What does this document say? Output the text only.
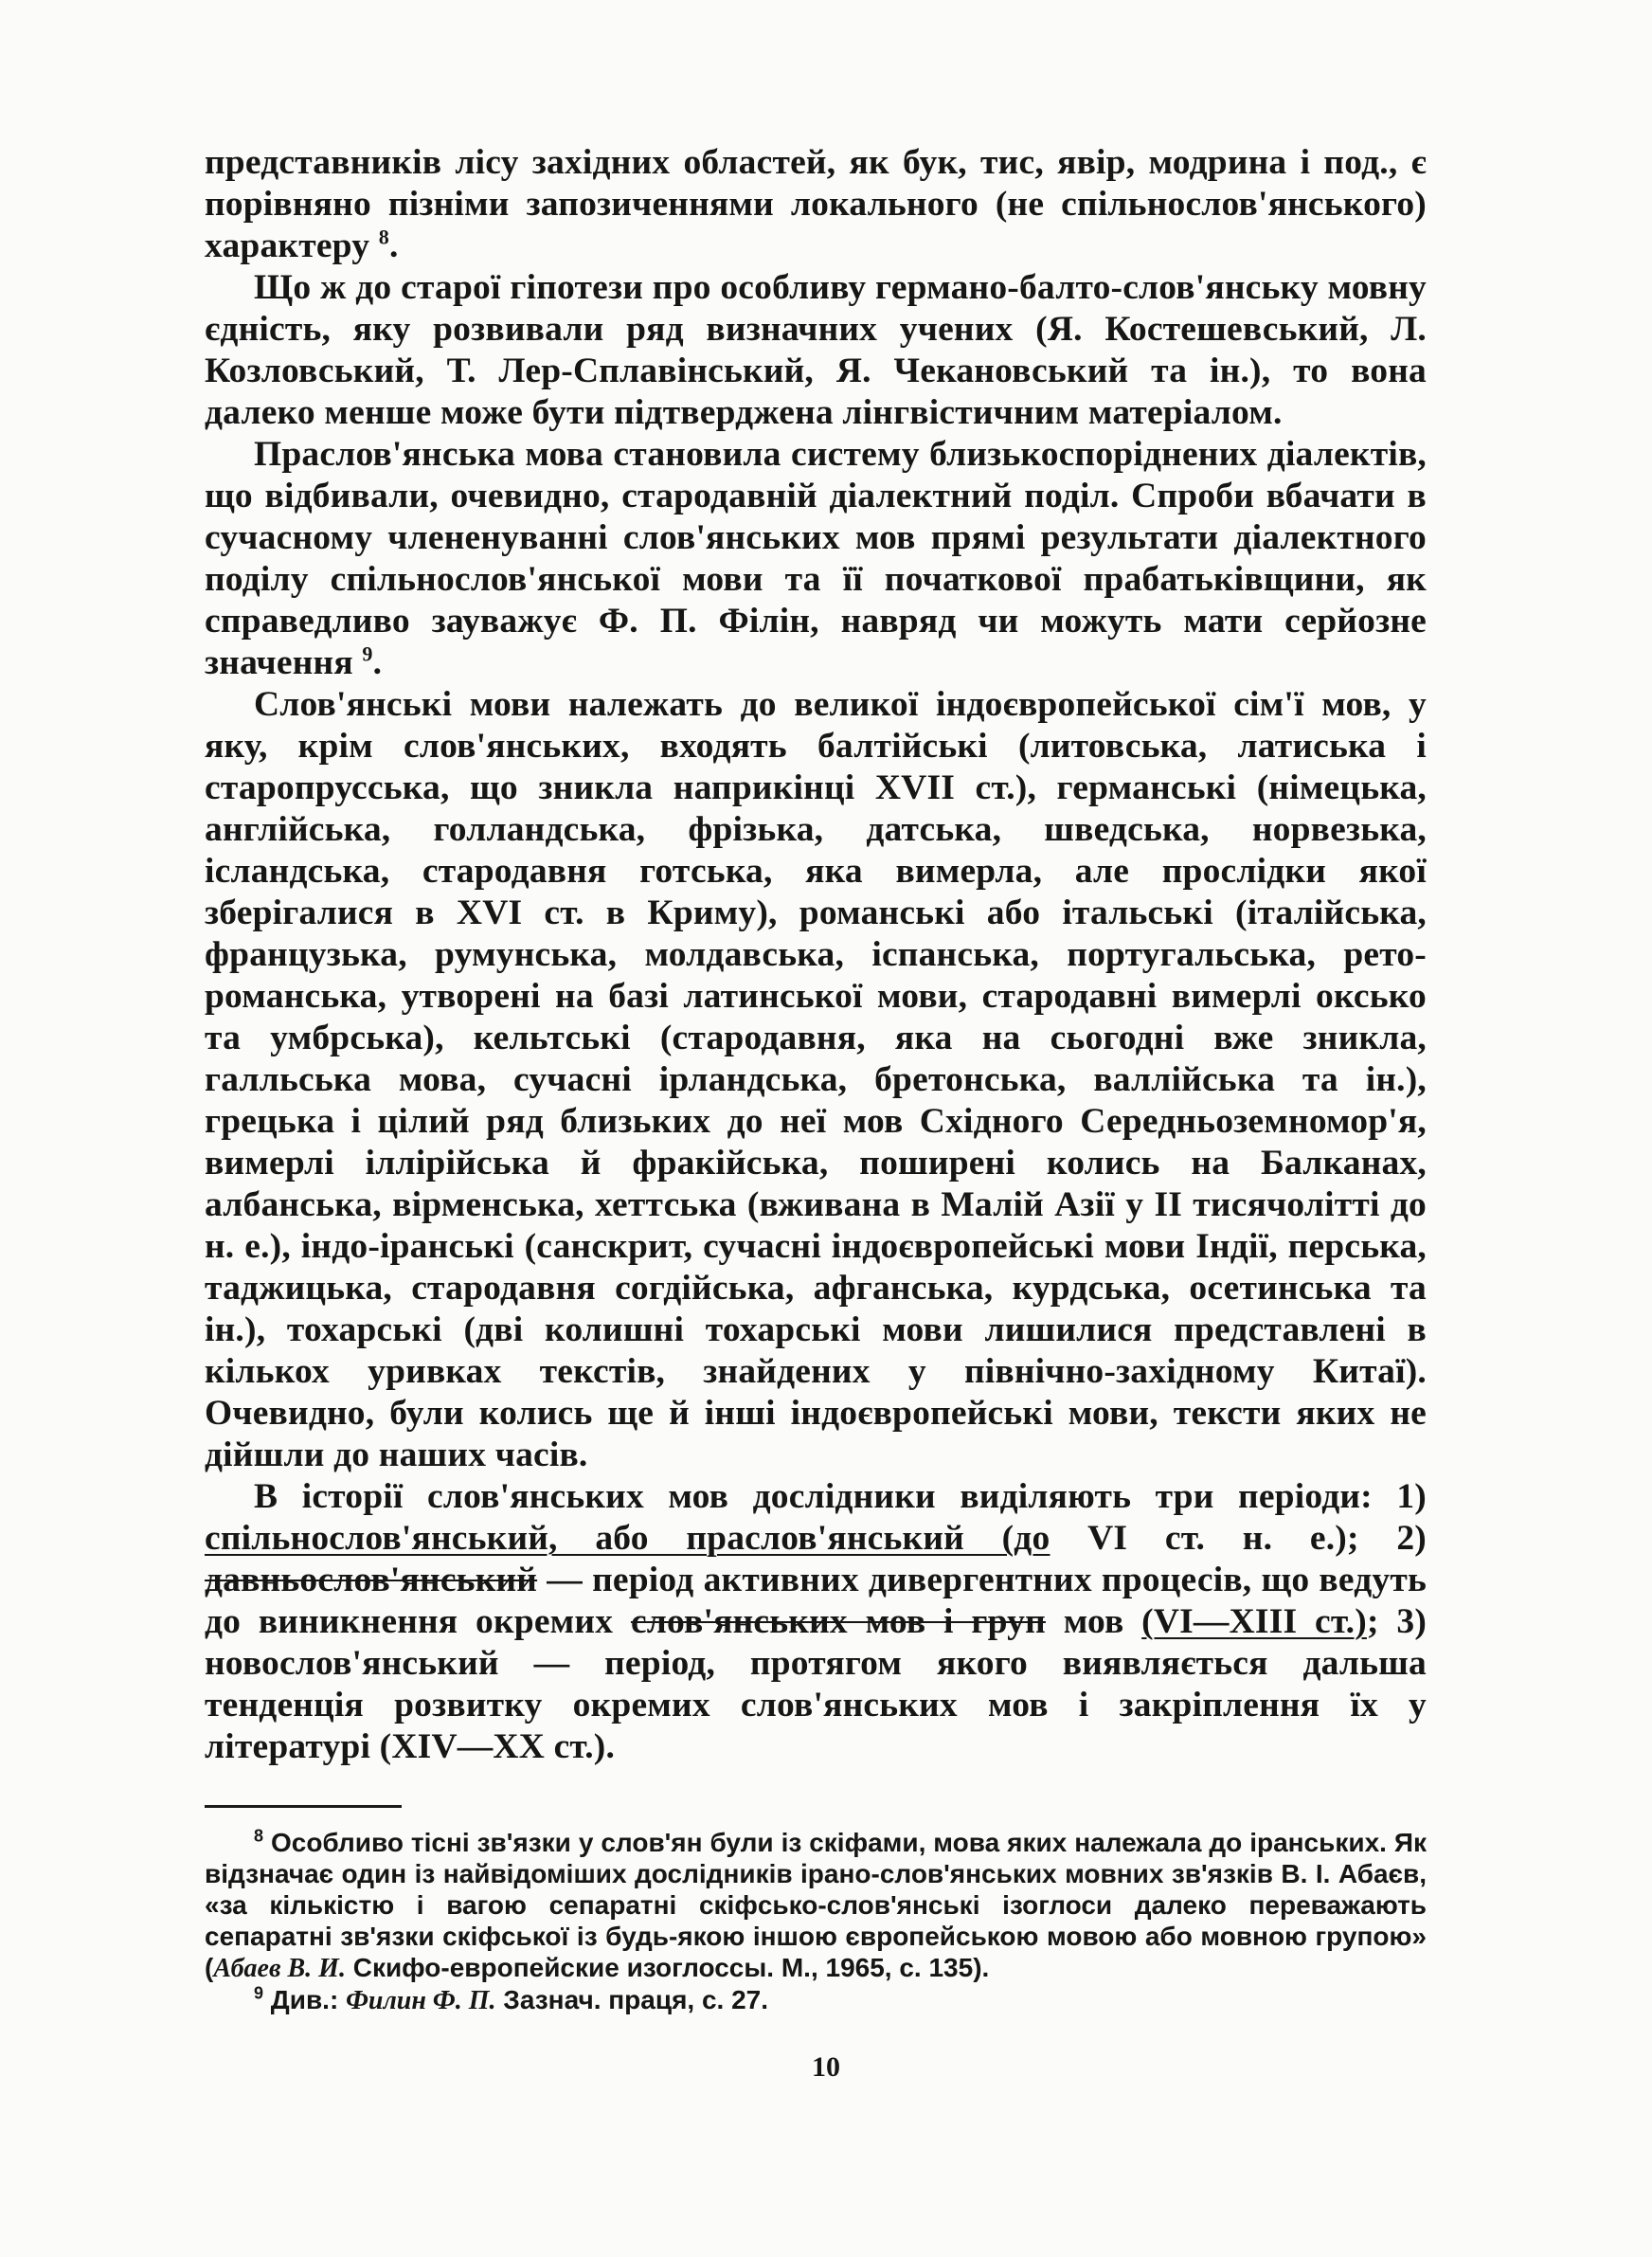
представникiв лiсу захiдних областей, як бук, тис, явiр, модрина i под., є порiвняно пiзнiми запозиченнями локального (не спiльнослов'янського) характеру $^8$.

Що ж до старої гiпотези про особливу германо-балто-слов'янську мовну єднiсть, яку розвивали ряд визначних учених (Я. Костешевський, Л. Козловський, Т. Лер-Сплавiнський, Я. Чекановський та iн.), то вона далеко менше може бути пiдтверджена лiнгвiстичним матерiалом.

Праслов'янська мова становила систему близькоспорiднених дiалектiв, що вiдбивали, очевидно, стародавнiй дiалектний подiл. Спроби вбачати в сучасному члененуваннi слов'янських мов прямi результати дiалектного подiлу спiльнослов'янської мови та її початкової прабатькiвщини, як справедливо зауважує Ф. П. Фiлiн, навряд чи можуть мати серйозне значення $^9$.

Слов'янськi мови належать до великої iндоєвропейської сiм'ї мов, у яку, крiм слов'янських, входять балтiйськi (литовська, латиська i старопрусська, що зникла наприкiнцi XVII ст.), германськi (нiмецька, англiйська, голландська, фрiзька, датська, шведська, норвезька, iсландська, стародавня готська, яка вимерла, але прослiдки якої зберiгалися в XVI ст. в Криму), романськi або iтальськi (iталiйська, французька, румунська, молдавська, iспанська, португальська, рето-романська, утворенi на базi латинської мови, стародавнi вимерлi оксько та умбрська), кельтськi (стародавня, яка на сьогоднi вже зникла, галльська мова, сучаснi iрландська, бретонська, валлiйська та iн.), грецька i цiлий ряд близьких до неї мов Схiдного Середньоземномор'я, вимерлi iллiрiйська й фракiйська, поширенi колись на Балканах, албанська, вiрменська, хеттська (вживана в Малiй Азiї у II тисячолiттi до н. е.), iндо-iранськi (санскрит, сучаснi iндоєвропейськi мови Iндiї, перська, таджицька, стародавня согдiйська, афганська, курдська, осетинська та iн.), тохарськi (двi колишнi тохарськi мови лишилися представленi в кiлькох уривках текстiв, знайдених у пiвнiчно-захiдному Китаї). Очевидно, були колись ще й iншi iндоєвропейськi мови, тексти яких не дiйшли до наших часiв.

В iсторiї слов'янських мов дослiдники видiляють три перiоди: 1) спiльнослов'янський, або праслов'янський (до VI ст. н. е.); 2) давньослов'янський — перiод активних дивергентних процесiв, що ведуть до виникнення окремих слов'янських мов i груп мов (VI—XIII ст.); 3) новослов'янський — перiод, протягом якого виявляється дальша тенденцiя розвитку окремих слов'янських мов i закрiплення їх у лiтературi (XIV—XX ст.).

$^8$ Особливо тiснi зв'язки у слов'ян були iз скiфами, мова яких належала до iранських. Як вiдзначає один iз найвiдомiших дослiдникiв ірано-слов'янських мовних зв'язкiв В. I. Абаєв, «за кiлькiстю i вагою сепаратнi скiфсько-слов'янськi iзоглоси далеко переважають сепаратнi зв'язки скiфської iз будь-якою iншою європейською мовою або мовною групою» (Абаев В. И. Скифо-европейские изоглоссы. М., 1965, с. 135).

$^9$ Див.: Филин Ф. П. Зазнач. праця, с. 27.

10
